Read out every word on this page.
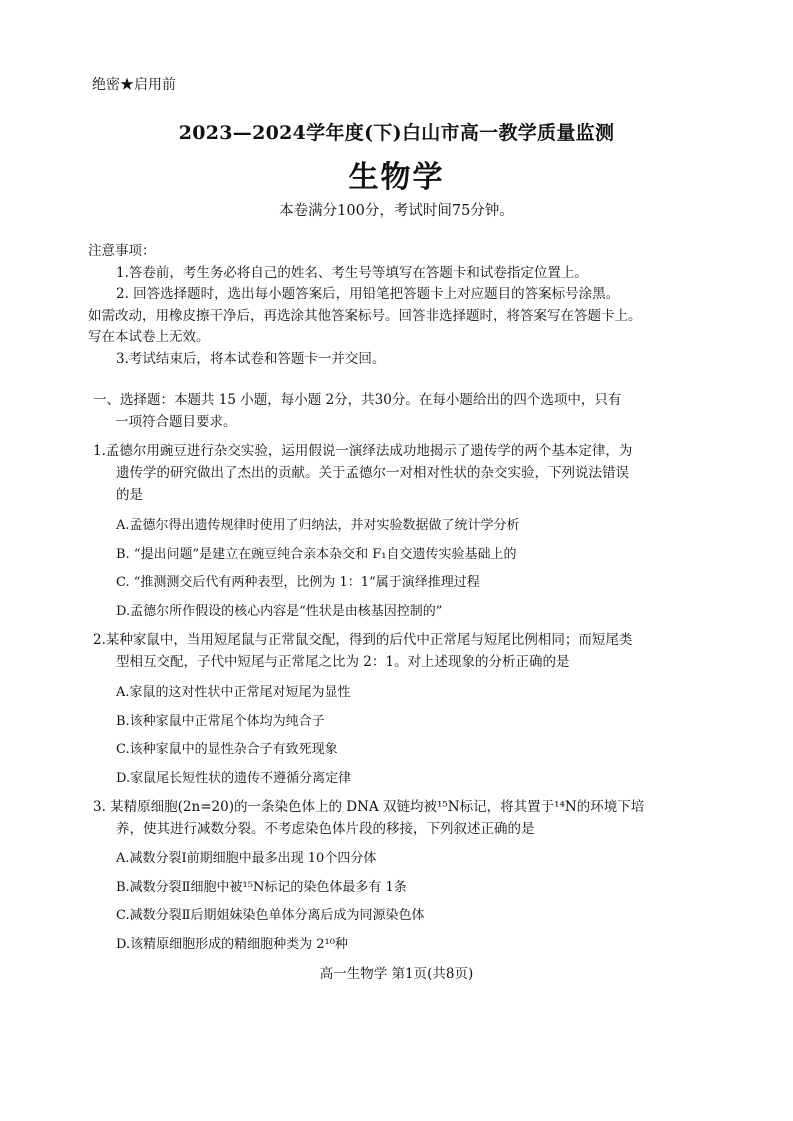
绝密★启用前
2023—2024学年度(下)白山市高一教学质量监测
生物学
本卷满分100分，考试时间75分钟。

注意事项：

1.答卷前，考生务必将自己的姓名、考生号等填写在答题卡和试卷指定位置上。

2. 回答选择题时，选出每小题答案后，用铅笔把答题卡上对应题目的答案标号涂黑。

如需改动，用橡皮擦干净后，再选涂其他答案标号。回答非选择题时，将答案写在答题卡上。

写在本试卷上无效。

3.考试结束后，将本试卷和答题卡一并交回。

一、选择题：本题共 15 小题，每小题 2分，共30分。在每小题给出的四个选项中，只有

一项符合题目要求。

1.孟德尔用豌豆进行杂交实验，运用假说一演绎法成功地揭示了遗传学的两个基本定律，为

遗传学的研究做出了杰出的贡献。关于孟德尔一对相对性状的杂交实验，下列说法错误

的是

A.孟德尔得出遗传规律时使用了归纳法，并对实验数据做了统计学分析
B. “提出问题”是建立在豌豆纯合亲本杂交和 F₁自交遗传实验基础上的
C. “推测测交后代有两种表型，比例为 1：1”属于演绎推理过程
D.孟德尔所作假设的核心内容是“性状是由核基因控制的”

2.某种家鼠中，当用短尾鼠与正常鼠交配，得到的后代中正常尾与短尾比例相同；而短尾类

型相互交配，子代中短尾与正常尾之比为 2：1。对上述现象的分析正确的是

A.家鼠的这对性状中正常尾对短尾为显性
B.该种家鼠中正常尾个体均为纯合子
C.该种家鼠中的显性杂合子有致死现象
D.家鼠尾长短性状的遗传不遵循分离定律

3. 某精原细胞(2n=20)的一条染色体上的 DNA 双链均被¹⁵N标记，将其置于¹⁴N的环境下培

养，使其进行减数分裂。不考虑染色体片段的移接，下列叙述正确的是

A.减数分裂Ⅰ前期细胞中最多出现 10个四分体
B.减数分裂Ⅱ细胞中被¹⁵N标记的染色体最多有 1条
C.减数分裂Ⅱ后期姐妹染色单体分离后成为同源染色体
D.该精原细胞形成的精细胞种类为 2¹⁰种
高一生物学 第1页(共8页)
